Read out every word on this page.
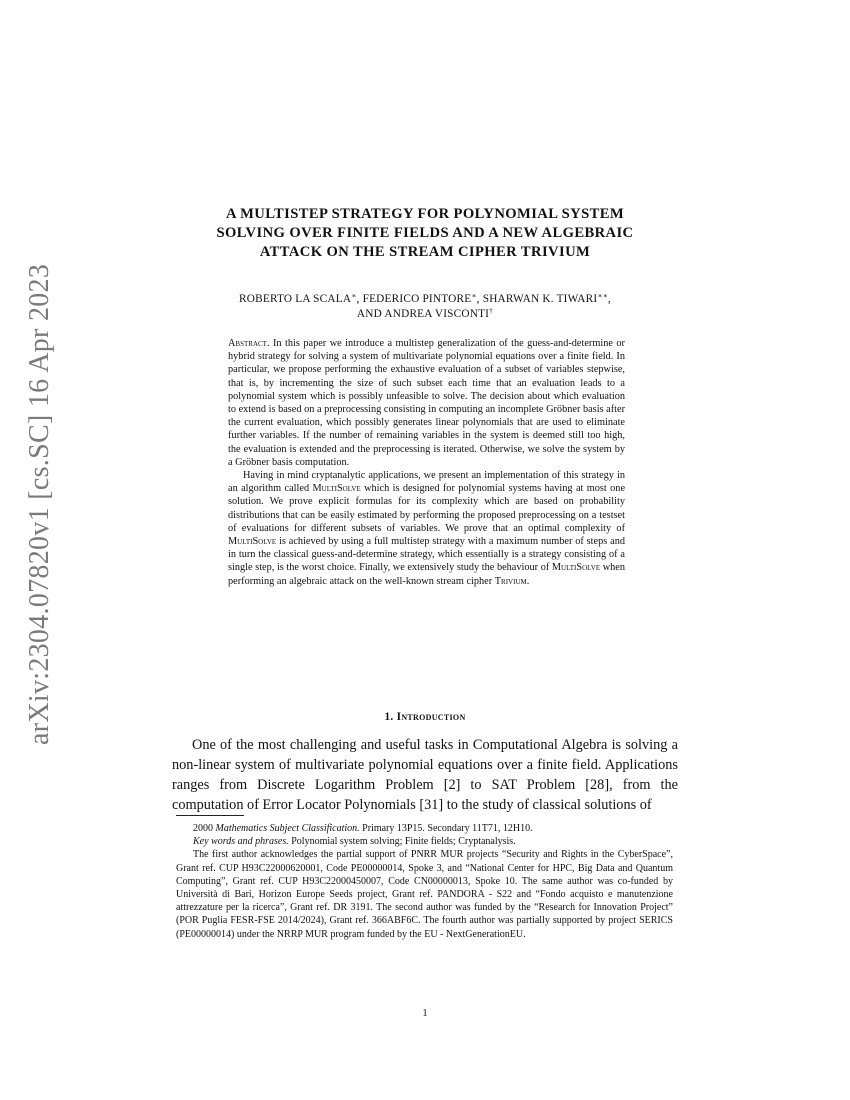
arXiv:2304.07820v1 [cs.SC] 16 Apr 2023
A MULTISTEP STRATEGY FOR POLYNOMIAL SYSTEM
SOLVING OVER FINITE FIELDS AND A NEW ALGEBRAIC
ATTACK ON THE STREAM CIPHER TRIVIUM
ROBERTO LA SCALA∗, FEDERICO PINTORE∗, SHARWAN K. TIWARI∗∗,
AND ANDREA VISCONTI†

Abstract. In this paper we introduce a multistep generalization of the guess-and-determine or hybrid strategy for solving a system of multivariate polynomial equations over a finite field. In particular, we propose performing the exhaustive evaluation of a subset of variables stepwise, that is, by incrementing the size of such subset each time that an evaluation leads to a polynomial system which is possibly unfeasible to solve. The decision about which evaluation to extend is based on a preprocessing consisting in computing an incomplete Gröbner basis after the current evaluation, which possibly generates linear polynomials that are used to eliminate further variables. If the number of remaining variables in the system is deemed still too high, the evaluation is extended and the preprocessing is iterated. Otherwise, we solve the system by a Gröbner basis computation.

Having in mind cryptanalytic applications, we present an implementation of this strategy in an algorithm called MultiSolve which is designed for polynomial systems having at most one solution. We prove explicit formulas for its complexity which are based on probability distributions that can be easily estimated by performing the proposed preprocessing on a testset of evaluations for different subsets of variables. We prove that an optimal complexity of MultiSolve is achieved by using a full multistep strategy with a maximum number of steps and in turn the classical guess-and-determine strategy, which essentially is a strategy consisting of a single step, is the worst choice. Finally, we extensively study the behaviour of MultiSolve when performing an algebraic attack on the well-known stream cipher Trivium.

1. Introduction

One of the most challenging and useful tasks in Computational Algebra is solving a non-linear system of multivariate polynomial equations over a finite field. Applications ranges from Discrete Logarithm Problem [2] to SAT Problem [28], from the computation of Error Locator Polynomials [31] to the study of classical solutions of

2000 Mathematics Subject Classification. Primary 13P15. Secondary 11T71, 12H10.

Key words and phrases. Polynomial system solving; Finite fields; Cryptanalysis.

The first author acknowledges the partial support of PNRR MUR projects “Security and Rights in the CyberSpace”, Grant ref. CUP H93C22000620001, Code PE00000014, Spoke 3, and “National Center for HPC, Big Data and Quantum Computing”, Grant ref. CUP H93C22000450007, Code CN00000013, Spoke 10. The same author was co-funded by Università di Bari, Horizon Europe Seeds project, Grant ref. PANDORA - S22 and “Fondo acquisto e manutenzione attrezzature per la ricerca”, Grant ref. DR 3191. The second author was funded by the “Research for Innovation Project” (POR Puglia FESR-FSE 2014/2024), Grant ref. 366ABF6C. The fourth author was partially supported by project SERICS (PE00000014) under the NRRP MUR program funded by the EU - NextGenerationEU.

1
